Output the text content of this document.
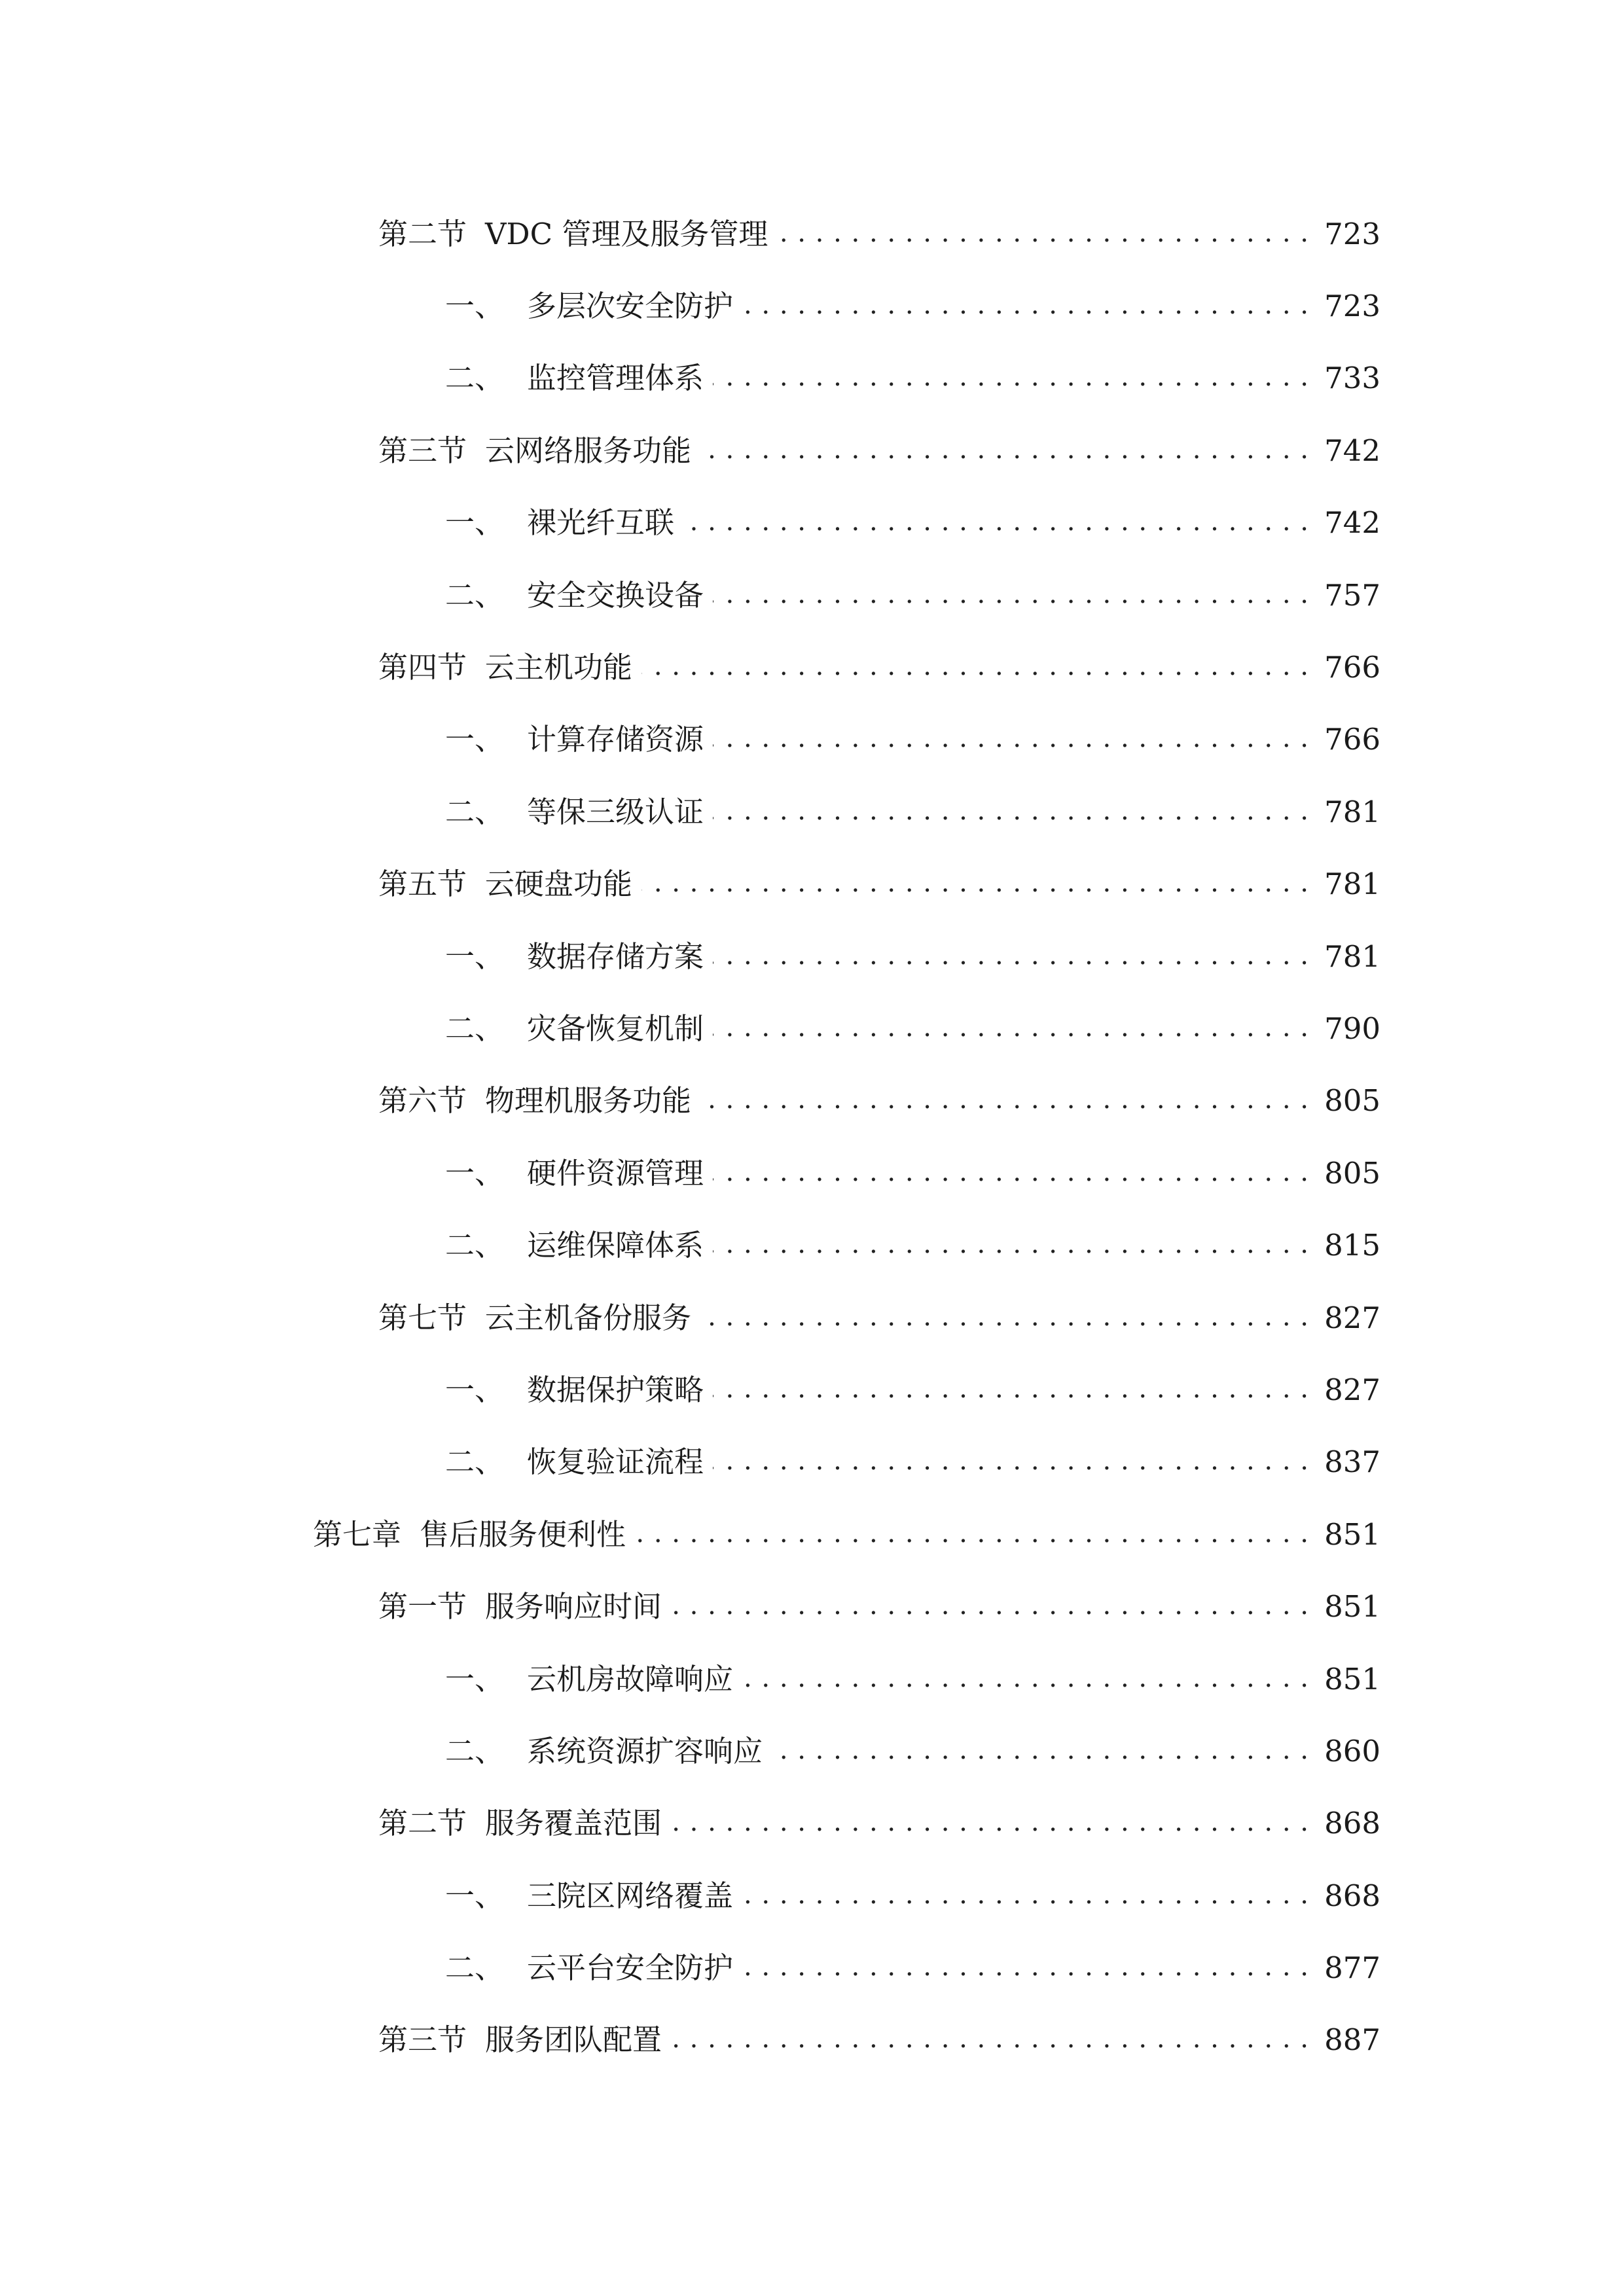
第二节 VDC 管理及服务管理 . . .	723
一、 多层次安全防护 . . .	723
二、 监控管理体系 . . .	733
第三节 云网络服务功能 . . .	742
一、 裸光纤互联 . . .	742
二、 安全交换设备 . . .	757
第四节 云主机功能 . . .	766
一、 计算存储资源 . . .	766
二、 等保三级认证 . . .	781
第五节 云硬盘功能 . . .	781
一、 数据存储方案 . . .	781
二、 灾备恢复机制 . . .	790
第六节 物理机服务功能 . . .	805
一、 硬件资源管理 . . .	805
二、 运维保障体系 . . .	815
第七节 云主机备份服务 . . .	827
一、 数据保护策略 . . .	827
二、 恢复验证流程 . . .	837
第七章 售后服务便利性 . . .	851
第一节 服务响应时间 . . .	851
一、 云机房故障响应 . . .	851
二、 系统资源扩容响应 . . .	860
第二节 服务覆盖范围 . . .	868
一、 三院区网络覆盖 . . .	868
二、 云平台安全防护 . . .	877
第三节 服务团队配置 . . .	887
